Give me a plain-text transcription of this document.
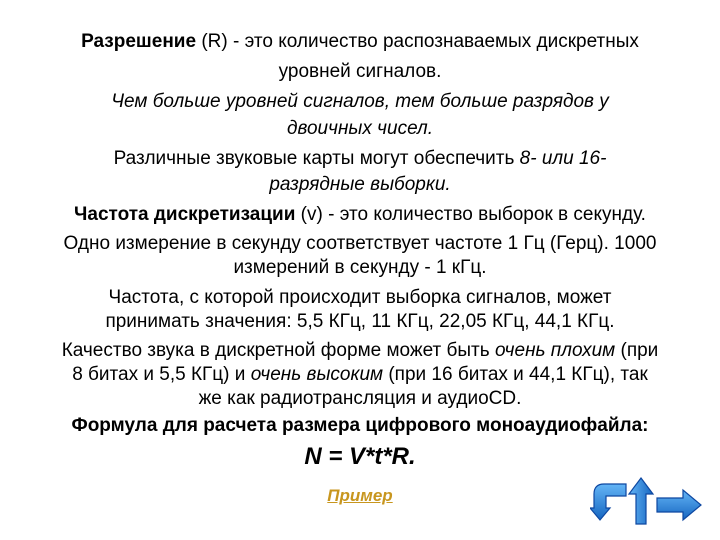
Разрешение (R) - это количество распознаваемых дискретных
уровней сигналов.
Чем больше уровней сигналов, тем больше разрядов у
двоичных чисел.
Различные звуковые карты могут обеспечить 8- или 16-
разрядные выборки.
Частота дискретизации (v) - это количество выборок в секунду.
Одно измерение в секунду соответствует частоте 1 Гц (Герц). 1000
измерений в секунду - 1 кГц.
Частота, с которой происходит выборка сигналов, может
принимать значения: 5,5 КГц, 11 КГц, 22,05 КГц, 44,1 КГц.
Качество звука в дискретной форме может быть очень плохим (при
8 битах и 5,5 КГц) и очень высоким (при 16 битах и 44,1 КГц), так
же как радиотрансляция и аудиоCD.
Формула для расчета размера цифрового моноаудиофайла:
N = V*t*R.
Пример
